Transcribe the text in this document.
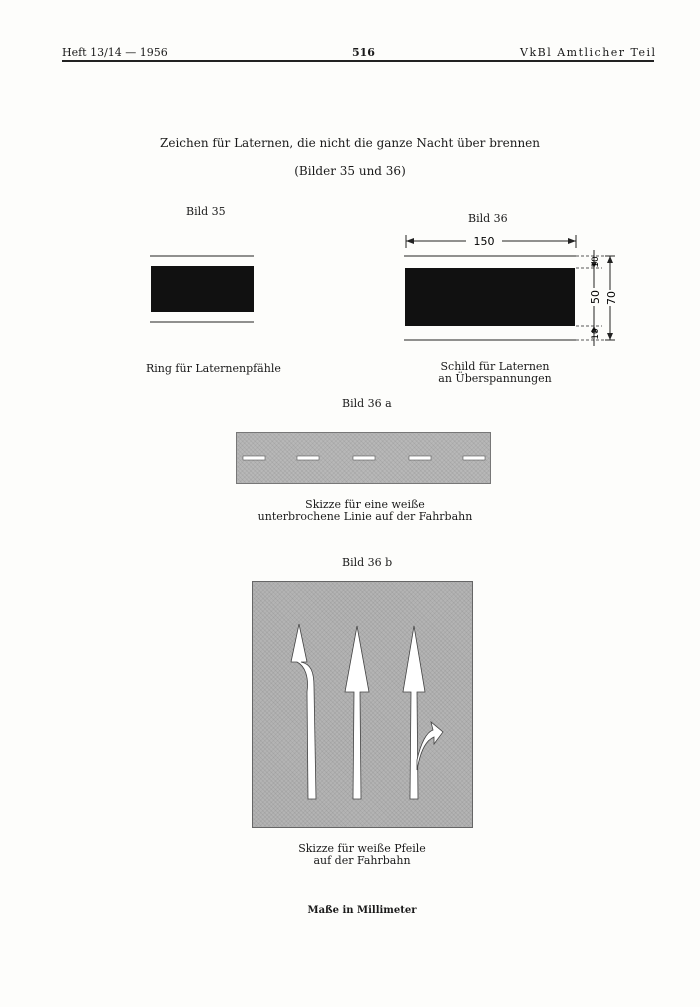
Heft 13/14 — 1956	516	VkBl Amtlicher Teil
Zeichen für Laternen, die nicht die ganze Nacht über brennen
(Bilder 35 und 36)
Bild 35
Ring für Laternenpfähle
Bild 36
150
10
50
10
70
Schild für Laternen
an Überspannungen
Bild 36 a
Skizze für eine weiße
unterbrochene Linie auf der Fahrbahn
Bild 36 b
Skizze für weiße Pfeile
auf der Fahrbahn
Maße in Millimeter
